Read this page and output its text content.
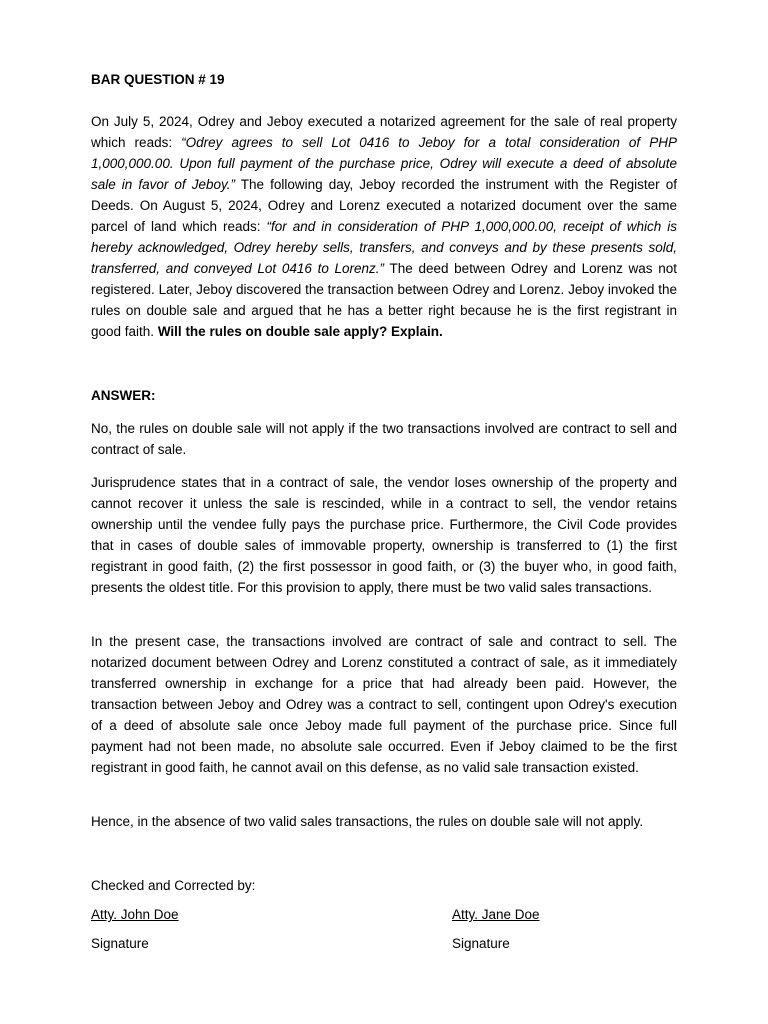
BAR QUESTION # 19
On July 5, 2024, Odrey and Jeboy executed a notarized agreement for the sale of real property which reads: “Odrey agrees to sell Lot 0416 to Jeboy for a total consideration of PHP 1,000,000.00. Upon full payment of the purchase price, Odrey will execute a deed of absolute sale in favor of Jeboy.” The following day, Jeboy recorded the instrument with the Register of Deeds. On August 5, 2024, Odrey and Lorenz executed a notarized document over the same parcel of land which reads: “for and in consideration of PHP 1,000,000.00, receipt of which is hereby acknowledged, Odrey hereby sells, transfers, and conveys and by these presents sold, transferred, and conveyed Lot 0416 to Lorenz.” The deed between Odrey and Lorenz was not registered. Later, Jeboy discovered the transaction between Odrey and Lorenz. Jeboy invoked the rules on double sale and argued that he has a better right because he is the first registrant in good faith. Will the rules on double sale apply? Explain.
ANSWER:
No, the rules on double sale will not apply if the two transactions involved are contract to sell and contract of sale.
Jurisprudence states that in a contract of sale, the vendor loses ownership of the property and cannot recover it unless the sale is rescinded, while in a contract to sell, the vendor retains ownership until the vendee fully pays the purchase price. Furthermore, the Civil Code provides that in cases of double sales of immovable property, ownership is transferred to (1) the first registrant in good faith, (2) the first possessor in good faith, or (3) the buyer who, in good faith, presents the oldest title. For this provision to apply, there must be two valid sales transactions.
In the present case, the transactions involved are contract of sale and contract to sell. The notarized document between Odrey and Lorenz constituted a contract of sale, as it immediately transferred ownership in exchange for a price that had already been paid. However, the transaction between Jeboy and Odrey was a contract to sell, contingent upon Odrey's execution of a deed of absolute sale once Jeboy made full payment of the purchase price. Since full payment had not been made, no absolute sale occurred. Even if Jeboy claimed to be the first registrant in good faith, he cannot avail on this defense, as no valid sale transaction existed.
Hence, in the absence of two valid sales transactions, the rules on double sale will not apply.
Checked and Corrected by:
Atty. John Doe	Atty. Jane Doe
Signature	Signature
